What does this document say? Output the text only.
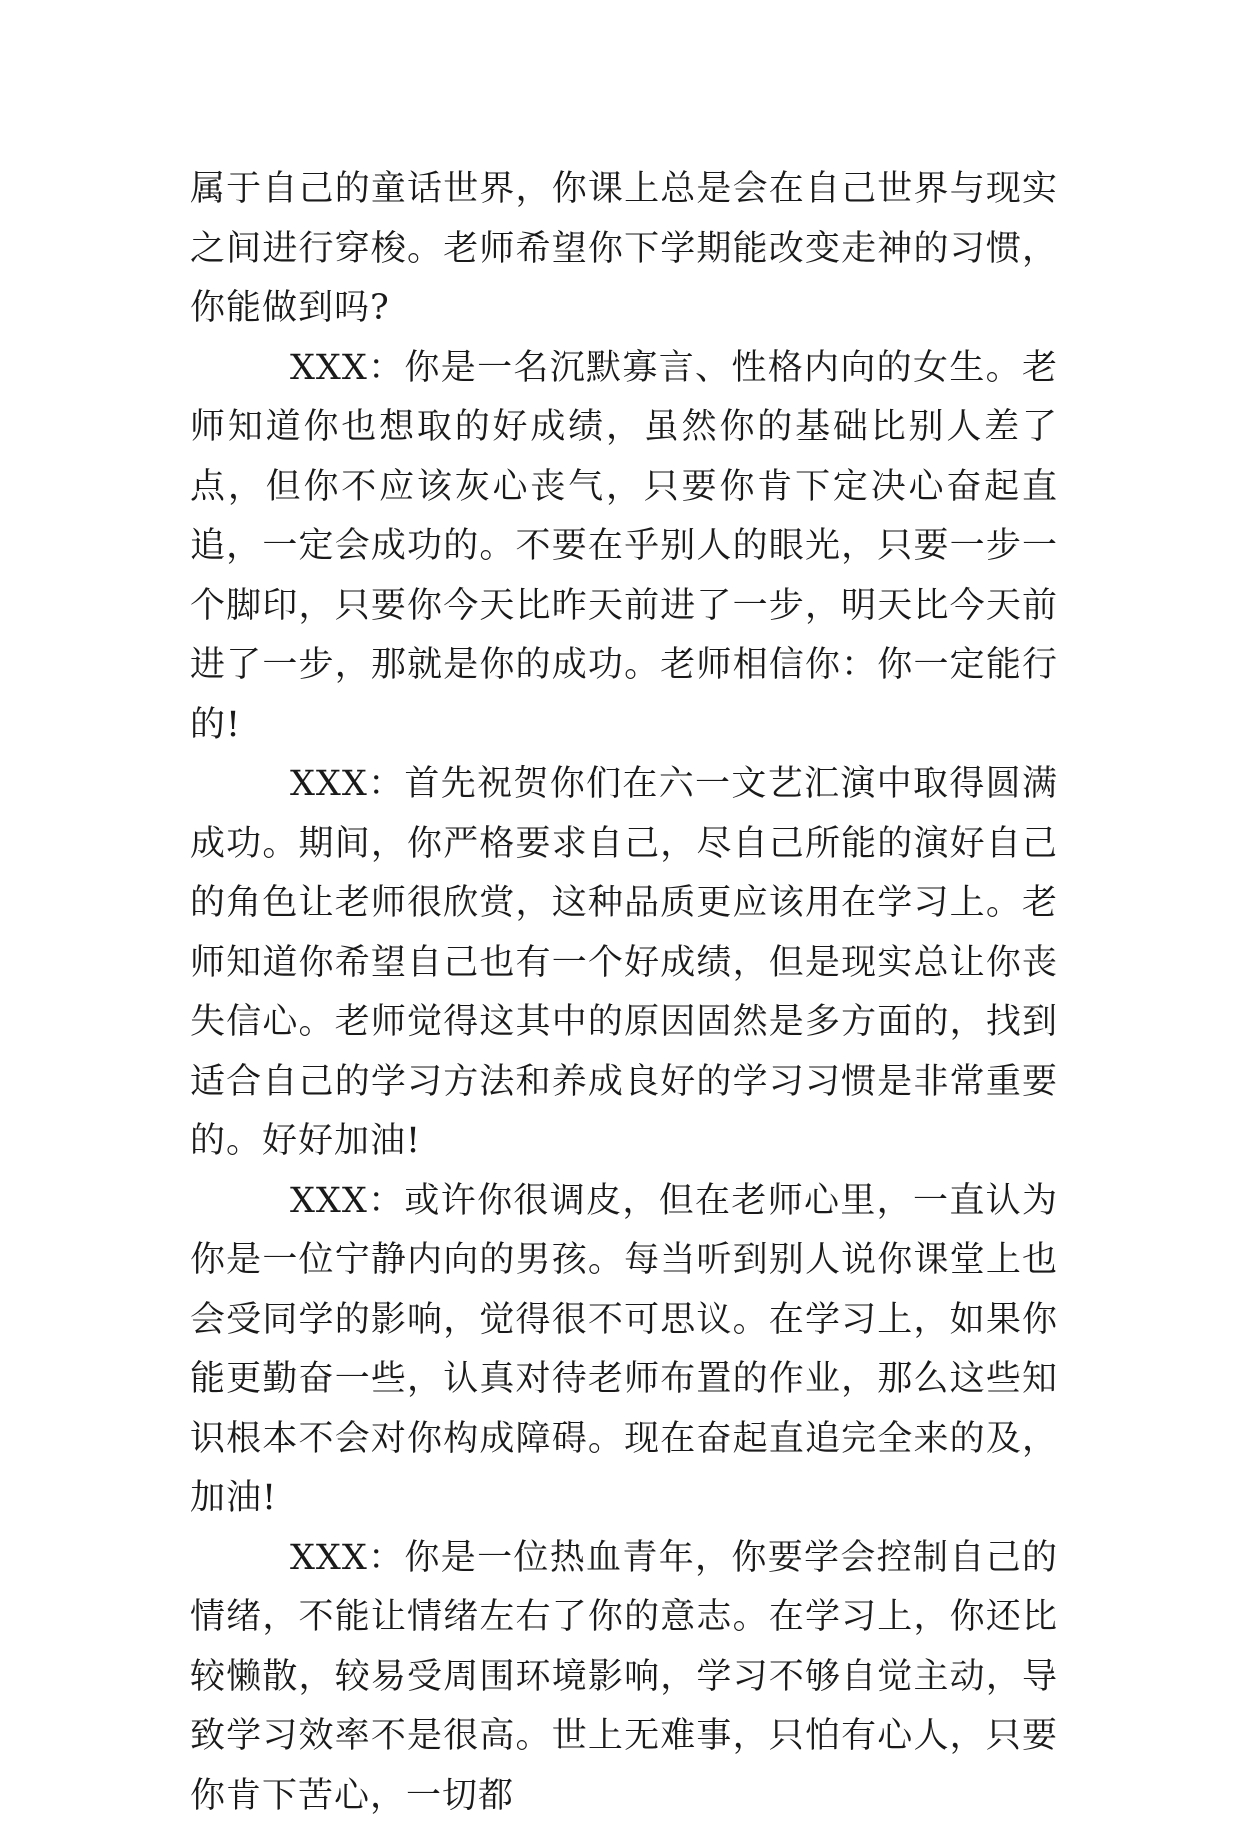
属于自己的童话世界，你课上总是会在自己世界与现实之间进行穿梭。老师希望你下学期能改变走神的习惯，你能做到吗?

XXX：你是一名沉默寡言、性格内向的女生。老师知道你也想取的好成绩，虽然你的基础比别人差了点，但你不应该灰心丧气，只要你肯下定决心奋起直追，一定会成功的。不要在乎别人的眼光，只要一步一个脚印，只要你今天比昨天前进了一步，明天比今天前进了一步，那就是你的成功。老师相信你：你一定能行的!

XXX：首先祝贺你们在六一文艺汇演中取得圆满成功。期间，你严格要求自己，尽自己所能的演好自己的角色让老师很欣赏，这种品质更应该用在学习上。老师知道你希望自己也有一个好成绩，但是现实总让你丧失信心。老师觉得这其中的原因固然是多方面的，找到适合自己的学习方法和养成良好的学习习惯是非常重要的。好好加油!

XXX：或许你很调皮，但在老师心里，一直认为你是一位宁静内向的男孩。每当听到别人说你课堂上也会受同学的影响，觉得很不可思议。在学习上，如果你能更勤奋一些，认真对待老师布置的作业，那么这些知识根本不会对你构成障碍。现在奋起直追完全来的及，加油!

XXX：你是一位热血青年，你要学会控制自己的情绪，不能让情绪左右了你的意志。在学习上，你还比较懒散，较易受周围环境影响，学习不够自觉主动，导致学习效率不是很高。世上无难事，只怕有心人，只要你肯下苦心，一切都
